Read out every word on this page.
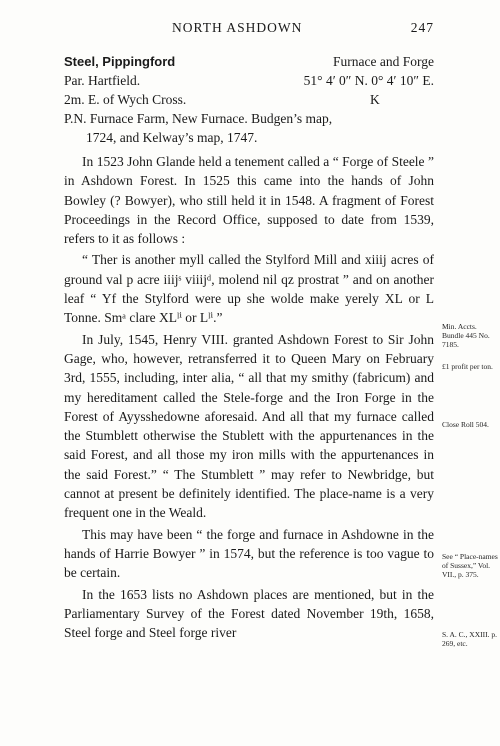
NORTH ASHDOWN	247
Steel, Pippingford	Furnace and Forge
Par. Hartfield.	51° 4′ 0″ N. 0° 4′ 10″ E.
2m. E. of Wych Cross.	K
P.N. Furnace Farm, New Furnace. Budgen’s map,
1724, and Kelway’s map, 1747.

In 1523 John Glande held a tenement called a “ Forge of Steele ” in Ashdown Forest. In 1525 this came into the hands of John Bowley (? Bowyer), who still held it in 1548. A fragment of Forest Proceedings in the Record Office, supposed to date from 1539, refers to it as follows :

“ Ther is another myll called the Stylford Mill and xiiij acres of ground val p acre iiijˢ viiijᵈ, molend nil qz prostrat ” and on another leaf “ Yf the Stylford were up she wolde make yerely XL or L Tonne. Smᵃ clare XLˡⁱ or Lˡⁱ.”

In July, 1545, Henry VIII. granted Ashdown Forest to Sir John Gage, who, however, retransferred it to Queen Mary on February 3rd, 1555, including, inter alia, “ all that my smithy (fabricum) and my hereditament called the Stele-forge and the Iron Forge in the Forest of Ayysshedowne aforesaid. And all that my furnace called the Stumblett otherwise the Stublett with the appurtenances in the said Forest, and all those my iron mills with the appurtenances in the said Forest.” “ The Stumblett ” may refer to Newbridge, but cannot at present be definitely identified. The place-name is a very frequent one in the Weald.

This may have been “ the forge and furnace in Ashdowne in the hands of Harrie Bowyer ” in 1574, but the reference is too vague to be certain.

In the 1653 lists no Ashdown places are mentioned, but in the Parliamentary Survey of the Forest dated November 19th, 1658, Steel forge and Steel forge river

Min. Accts. Bundle 445 No. 7185.
£1 profit per ton.
Close Roll 504.
See “ Place-names of Sussex,” Vol. VII., p. 375.
S. A. C., XXIII. p. 269, etc.
